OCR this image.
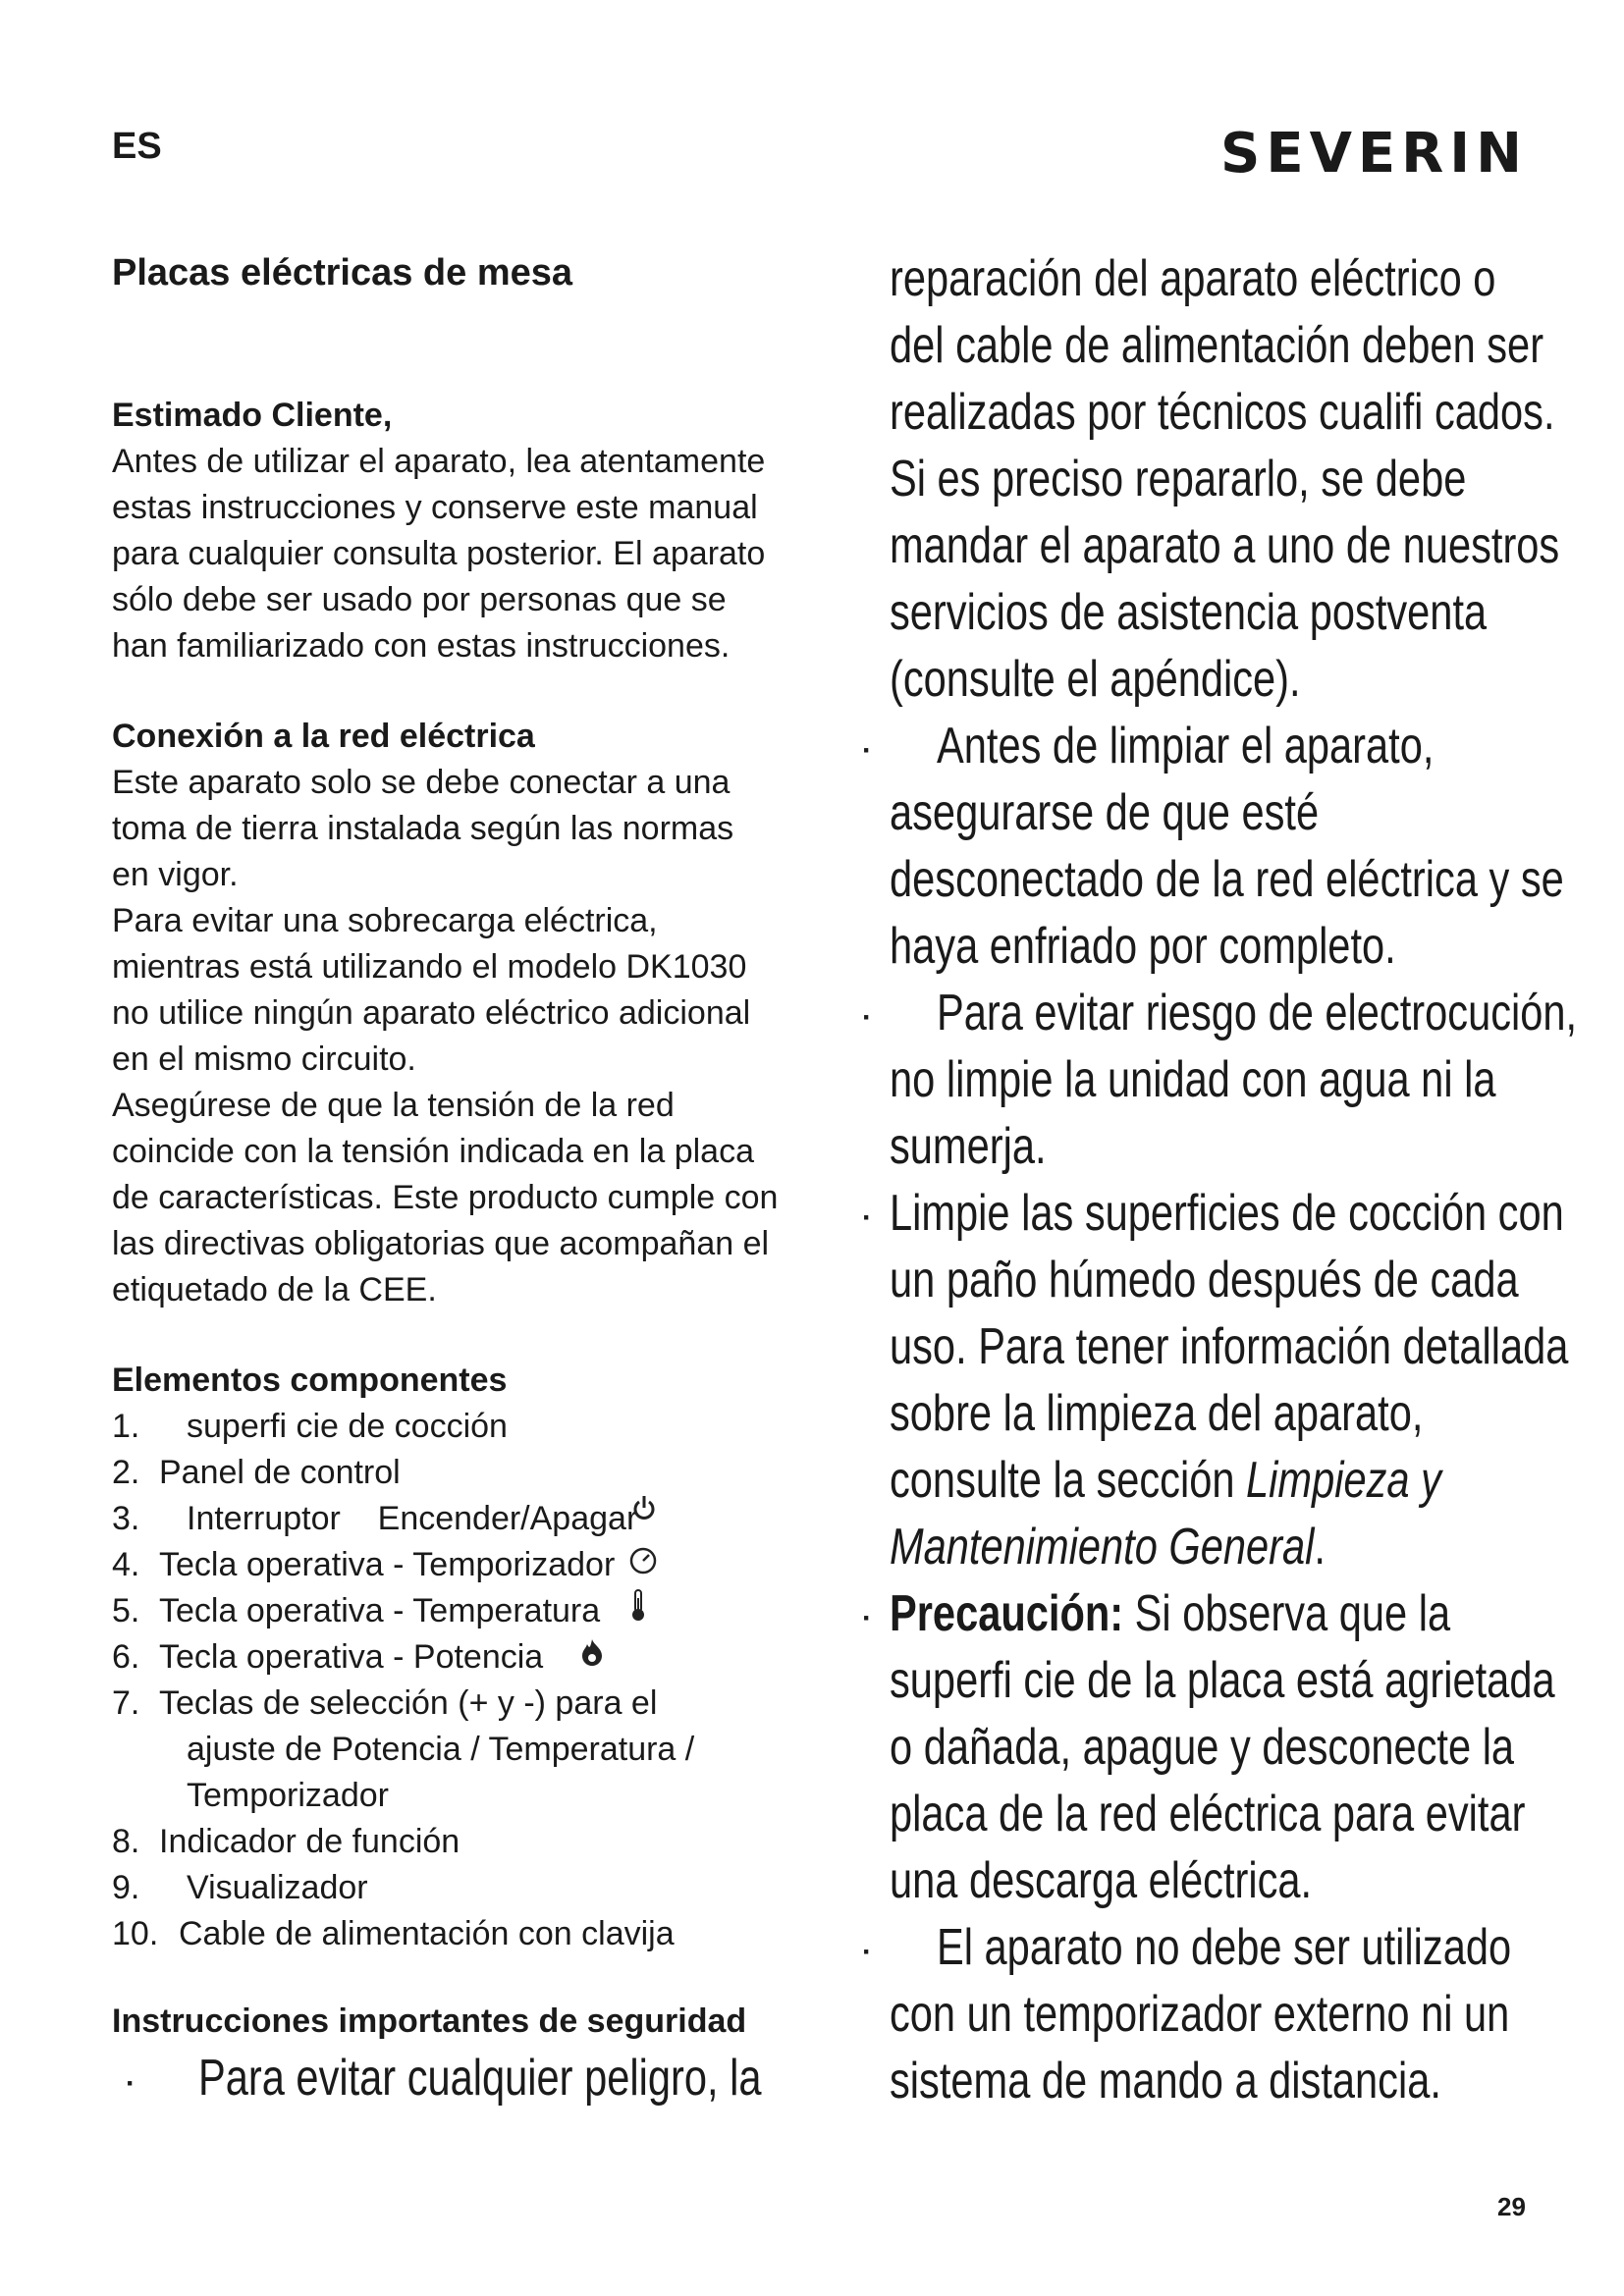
ES	SEVERIN
Placas eléctricas de mesa
Estimado Cliente,

Antes de utilizar el aparato, lea atentamente

estas instrucciones y conserve este manual

para cualquier consulta posterior. El aparato

sólo debe ser usado por personas que se

han familiarizado con estas instrucciones.

Conexión a la red eléctrica

Este aparato solo se debe conectar a una

toma de tierra instalada según las normas

en vigor.

Para evitar una sobrecarga eléctrica,

mientras está utilizando el modelo DK1030

no utilice ningún aparato eléctrico adicional

en el mismo circuito.

Asegúrese de que la tensión de la red

coincide con la tensión indicada en la placa

de características. Este producto cumple con

las directivas obligatorias que acompañan el

etiquetado de la CEE.

Elementos componentes
1.	superfi cie de cocción
2. Panel de control
3.	Interruptor    Encender/Apagar
4. Tecla operativa - Temporizador
5. Tecla operativa - Temperatura
6. Tecla operativa - Potencia
7. Teclas de selección (+ y -) para el
ajuste de Potencia / Temperatura /
Temporizador
8. Indicador de función
9.	Visualizador
10. Cable de alimentación con clavija
Instrucciones importantes de seguridad
· Para evitar cualquier peligro, la
reparación del aparato eléctrico o
del cable de alimentación deben ser
realizadas por técnicos cualifi cados.
Si es preciso repararlo, se debe
mandar el aparato a uno de nuestros
servicios de asistencia postventa
(consulte el apéndice).
·	Antes de limpiar el aparato,
asegurarse de que esté
desconectado de la red eléctrica y se
haya enfriado por completo.
·	Para evitar riesgo de electrocución,
no limpie la unidad con agua ni la
sumerja.
· Limpie las superficies de cocción con
un paño húmedo después de cada
uso. Para tener información detallada
sobre la limpieza del aparato,
consulte la sección Limpieza y
Mantenimiento General.
· Precaución: Si observa que la
superfi cie de la placa está agrietada
o dañada, apague y desconecte la
placa de la red eléctrica para evitar
una descarga eléctrica.
·	El aparato no debe ser utilizado
con un temporizador externo ni un
sistema de mando a distancia.
29
